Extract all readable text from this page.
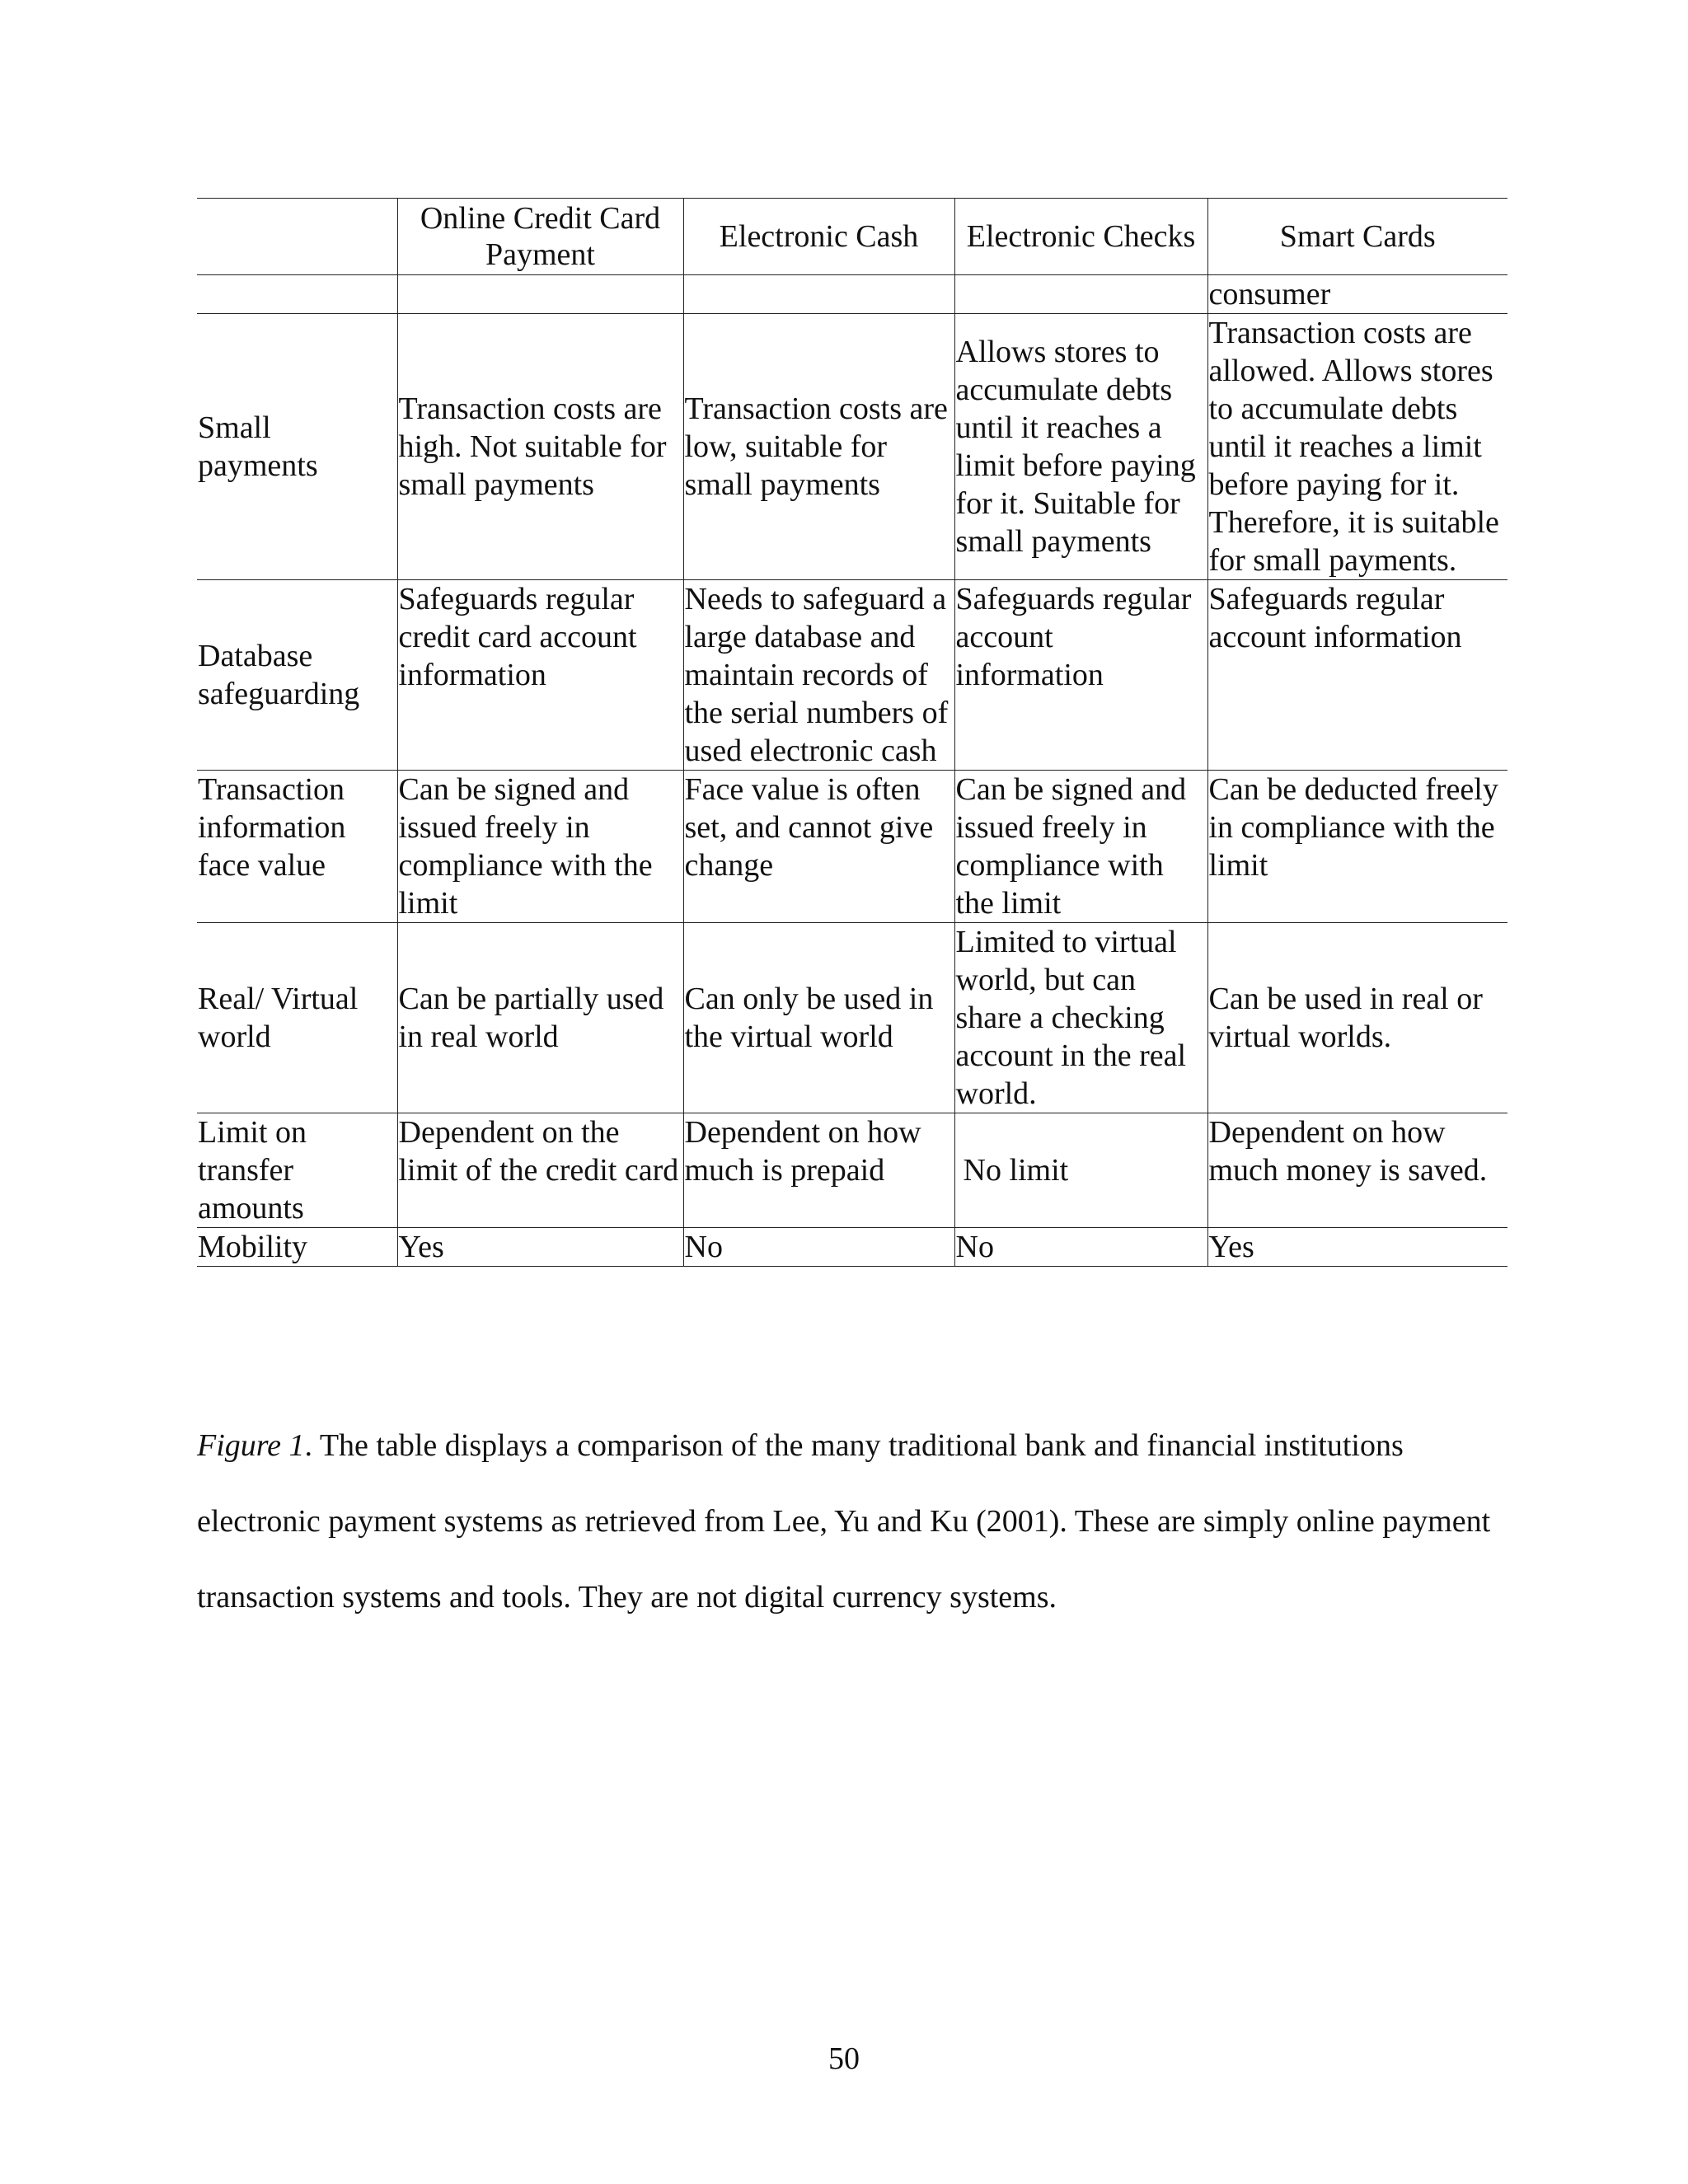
	Online Credit Card Payment	Electronic Cash	Electronic Checks	Smart Cards
				consumer
Small payments	Transaction costs are high. Not suitable for small payments	Transaction costs are low, suitable for small payments	Allows stores to accumulate debts until it reaches a limit before paying for it. Suitable for small payments	Transaction costs are allowed. Allows stores to accumulate debts until it reaches a limit before paying for it. Therefore, it is suitable for small payments.
Database safeguarding	Safeguards regular credit card account information	Needs to safeguard a large database and maintain records of the serial numbers of used electronic cash	Safeguards regular account information	Safeguards regular account information
Transaction information face value	Can be signed and issued freely in compliance with the limit	Face value is often set, and cannot give change	Can be signed and issued freely in compliance with the limit	Can be deducted freely in compliance with the limit
Real/ Virtual world	Can be partially used in real world	Can only be used in the virtual world	Limited to virtual world, but can share a checking account in the real world.	Can be used in real or virtual worlds.
Limit on transfer amounts	Dependent on the limit of the credit card	Dependent on how much is prepaid	No limit	Dependent on how much money is saved.
Mobility	Yes	No	No	Yes

Figure 1. The table displays a comparison of the many traditional bank and financial institutions electronic payment systems as retrieved from Lee, Yu and Ku (2001). These are simply online payment transaction systems and tools. They are not digital currency systems.

50
